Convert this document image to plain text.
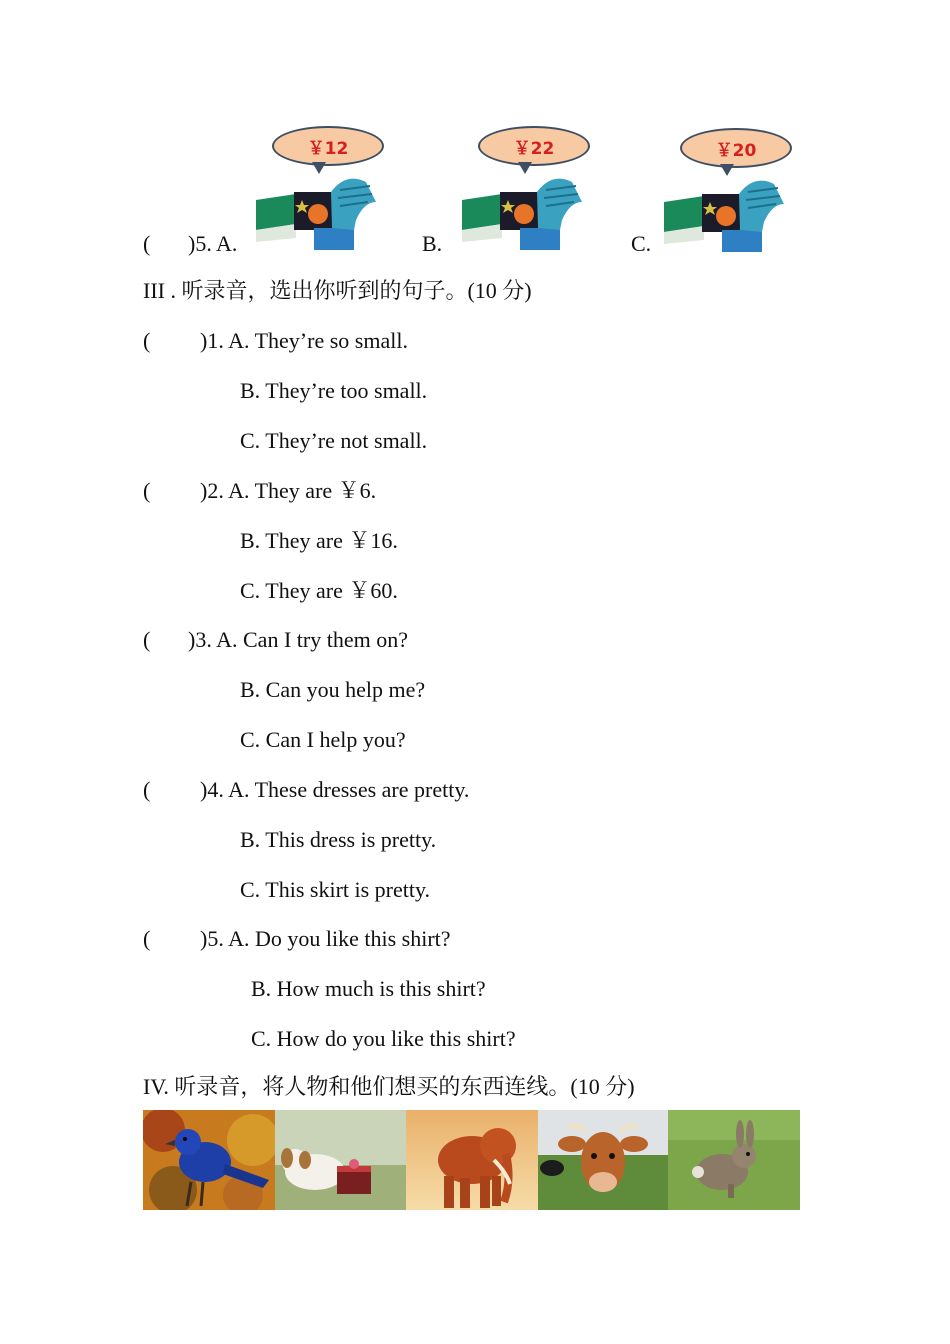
( )5. A.	B.	C.
￥12	￥22	￥20
III . 听录音，选出你听到的句子。(10 分)
( )1. A. They’re so small.
B. They’re too small.
C. They’re not small.
( )2. A. They are ￥6.
B. They are ￥16.
C. They are ￥60.
( )3. A. Can I try them on?
B. Can you help me?
C. Can I help you?
( )4. A. These dresses are pretty.
B. This dress is pretty.
C. This skirt is pretty.
( )5. A. Do you like this shirt?
B. How much is this shirt?
C. How do you like this shirt?
IV. 听录音，将人物和他们想买的东西连线。(10 分)
